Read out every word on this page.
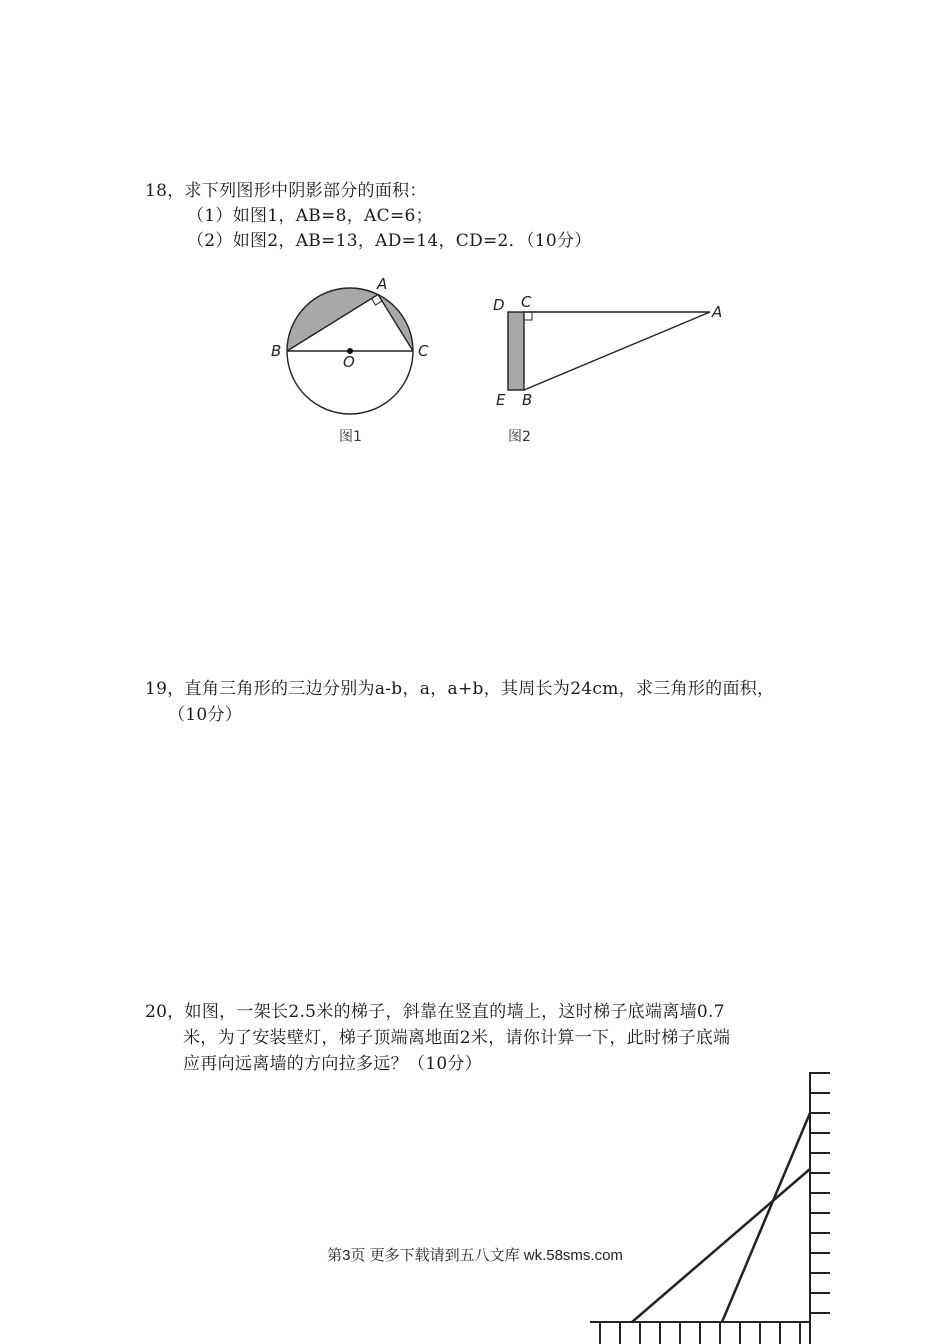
18，求下列图形中阴影部分的面积：
（1）如图1，AB=8，AC=6；
（2）如图2，AB=13，AD=14，CD=2．（10分）
A
B	C
O
图1
D C
A
E B
图2
19，直角三角形的三边分别为a-b，a，a+b，其周长为24cm，求三角形的面积，
（10分）
20，如图，一架长2.5米的梯子，斜靠在竖直的墙上，这时梯子底端离墙0.7
米，为了安装壁灯，梯子顶端离地面2米，请你计算一下，此时梯子底端
应再向远离墙的方向拉多远？（10分）
第3页 更多下载请到五八文库 wk.58sms.com
